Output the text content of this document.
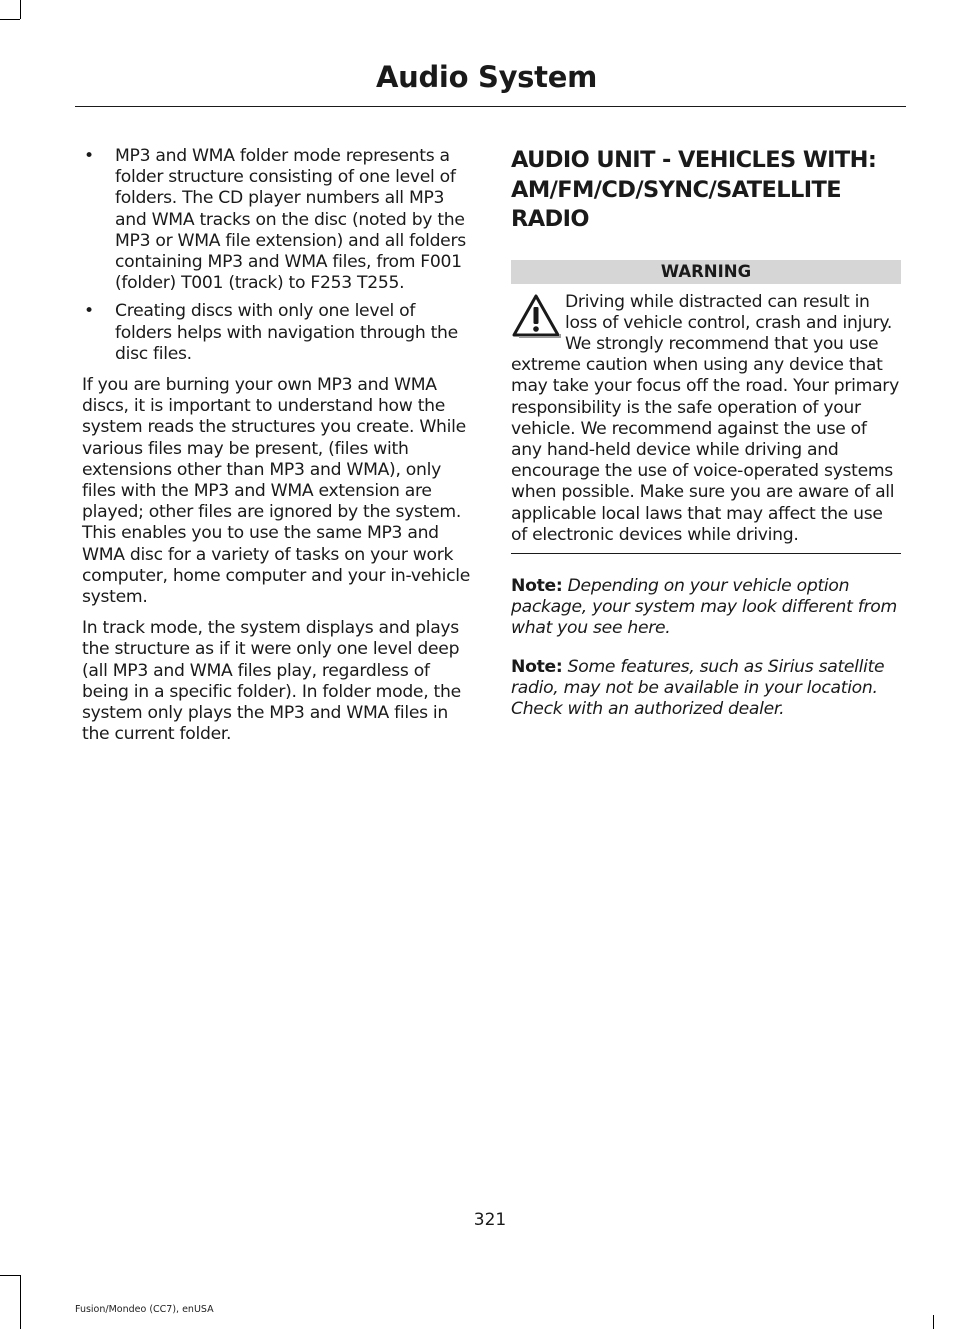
Audio System
• MP3 and WMA folder mode represents a folder structure consisting of one level of folders. The CD player numbers all MP3 and WMA tracks on the disc (noted by the MP3 or WMA file extension) and all folders containing MP3 and WMA files, from F001 (folder) T001 (track) to F253 T255.
• Creating discs with only one level of folders helps with navigation through the disc files.

If you are burning your own MP3 and WMA discs, it is important to understand how the system reads the structures you create. While various files may be present, (files with extensions other than MP3 and WMA), only files with the MP3 and WMA extension are played; other files are ignored by the system. This enables you to use the same MP3 and WMA disc for a variety of tasks on your work computer, home computer and your in-vehicle system.

In track mode, the system displays and plays the structure as if it were only one level deep (all MP3 and WMA files play, regardless of being in a specific folder). In folder mode, the system only plays the MP3 and WMA files in the current folder.

AUDIO UNIT - VEHICLES WITH: AM/FM/CD/SYNC/SATELLITE RADIO
WARNING
Driving while distracted can result in loss of vehicle control, crash and injury. We strongly recommend that you use extreme caution when using any device that may take your focus off the road. Your primary responsibility is the safe operation of your vehicle. We recommend against the use of any hand-held device while driving and encourage the use of voice-operated systems when possible. Make sure you are aware of all applicable local laws that may affect the use of electronic devices while driving.

Note: Depending on your vehicle option package, your system may look different from what you see here.

Note: Some features, such as Sirius satellite radio, may not be available in your location. Check with an authorized dealer.

321
Fusion/Mondeo (CC7), enUSA
